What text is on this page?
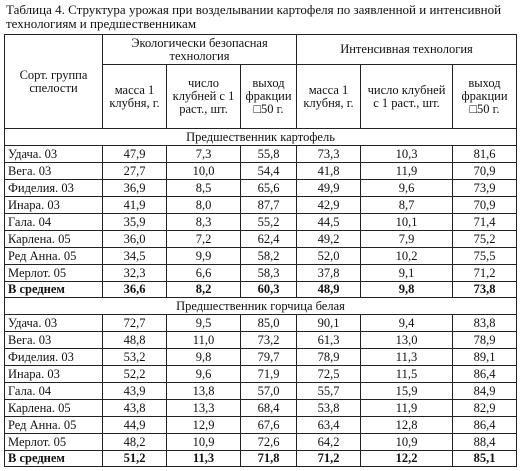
Таблица 4. Структура урожая при возделывании картофеля по заявленной и интенсивной технологиям и предшественникам
Сорт. группа спелости	Экологически безопасная технология			Интенсивная технология		
	масса 1 клубня, г.	число клубней с 1 раст., шт.	выход фракции □50 г.	масса 1 клубня, г.	число клубней с 1 раст., шт.	выход фракции □50 г.
Предшественник картофель						
Удача. 03	47,9	7,3	55,8	73,3	10,3	81,6
Вега. 03	27,7	10,0	54,4	41,8	11,9	70,9
Фиделия. 03	36,9	8,5	65,6	49,9	9,6	73,9
Инара. 03	41,9	8,0	87,7	42,9	8,7	70,9
Гала. 04	35,9	8,3	55,2	44,5	10,1	71,4
Карлена. 05	36,0	7,2	62,4	49,2	7,9	75,2
Ред Анна. 05	34,5	9,9	58,2	52,0	10,2	75,5
Мерлот. 05	32,3	6,6	58,3	37,8	9,1	71,2
В среднем	36,6	8,2	60,3	48,9	9,8	73,8
Предшественник горчица белая						
Удача. 03	72,7	9,5	85,0	90,1	9,4	83,8
Вега. 03	48,8	11,0	73,2	61,3	13,0	78,9
Фиделия. 03	53,2	9,8	79,7	78,9	11,3	89,1
Инара. 03	52,2	9,6	71,9	72,5	11,5	86,4
Гала. 04	43,9	13,8	57,0	55,7	15,9	84,9
Карлена. 05	43,8	13,3	68,4	53,8	11,9	82,9
Ред Анна. 05	44,9	12,9	67,6	63,4	12,8	86,4
Мерлот. 05	48,2	10,9	72,6	64,2	10,9	88,4
В среднем	51,2	11,3	71,8	71,2	12,2	85,1
